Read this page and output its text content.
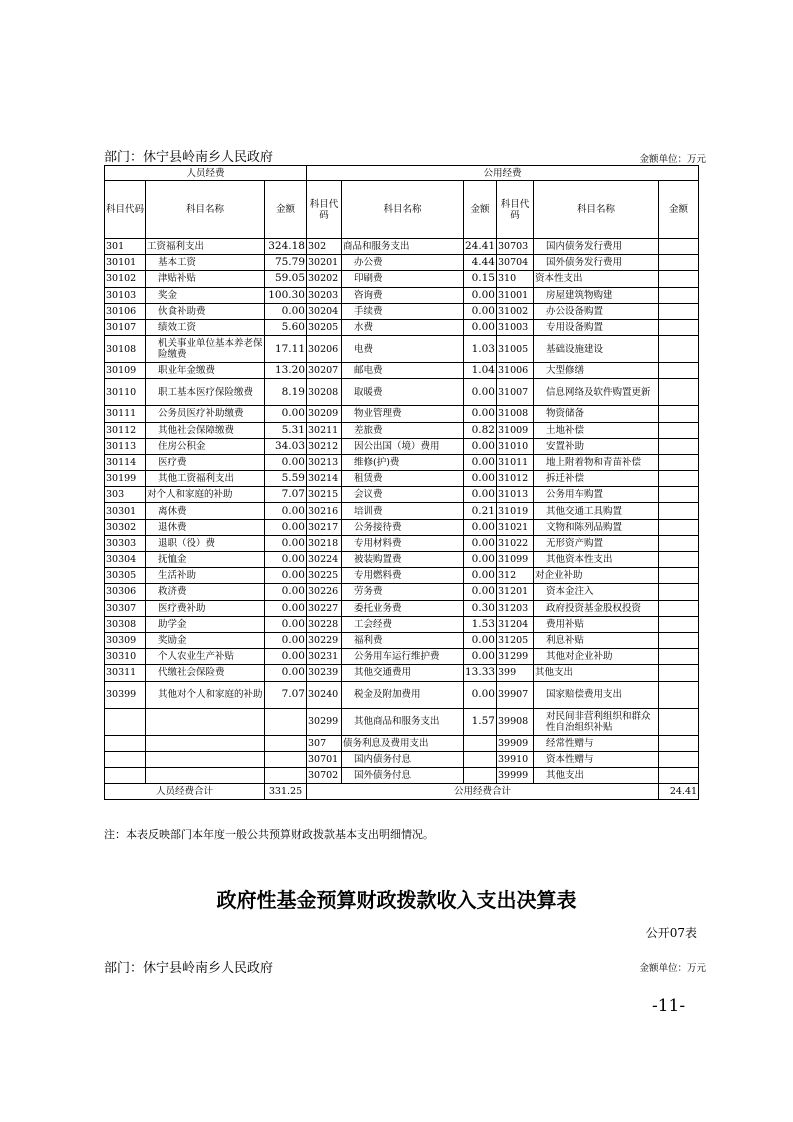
部门：休宁县岭南乡人民政府	金额单位：万元
人员经费			公用经费					
科目代码	科目名称	金额	科目代码	科目名称	金额	科目代码	科目名称	金额
301	工资福利支出	324.18	302	商品和服务支出	24.41	30703	国内债务发行费用	
30101	基本工资	75.79	30201	办公费	4.44	30704	国外债务发行费用	
30102	津贴补贴	59.05	30202	印刷费	0.15	310	资本性支出	
30103	奖金	100.30	30203	咨询费	0.00	31001	房屋建筑物购建	
30106	伙食补助费	0.00	30204	手续费	0.00	31002	办公设备购置	
30107	绩效工资	5.60	30205	水费	0.00	31003	专用设备购置	
30108	机关事业单位基本养老保险缴费	17.11	30206	电费	1.03	31005	基础设施建设	
30109	职业年金缴费	13.20	30207	邮电费	1.04	31006	大型修缮	
30110	职工基本医疗保险缴费	8.19	30208	取暖费	0.00	31007	信息网络及软件购置更新	
30111	公务员医疗补助缴费	0.00	30209	物业管理费	0.00	31008	物资储备	
30112	其他社会保障缴费	5.31	30211	差旅费	0.82	31009	土地补偿	
30113	住房公积金	34.03	30212	因公出国（境）费用	0.00	31010	安置补助	
30114	医疗费	0.00	30213	维修(护)费	0.00	31011	地上附着物和青苗补偿	
30199	其他工资福利支出	5.59	30214	租赁费	0.00	31012	拆迁补偿	
303	对个人和家庭的补助	7.07	30215	会议费	0.00	31013	公务用车购置	
30301	离休费	0.00	30216	培训费	0.21	31019	其他交通工具购置	
30302	退休费	0.00	30217	公务接待费	0.00	31021	文物和陈列品购置	
30303	退职（役）费	0.00	30218	专用材料费	0.00	31022	无形资产购置	
30304	抚恤金	0.00	30224	被装购置费	0.00	31099	其他资本性支出	
30305	生活补助	0.00	30225	专用燃料费	0.00	312	对企业补助	
30306	救济费	0.00	30226	劳务费	0.00	31201	资本金注入	
30307	医疗费补助	0.00	30227	委托业务费	0.30	31203	政府投资基金股权投资	
30308	助学金	0.00	30228	工会经费	1.53	31204	费用补贴	
30309	奖励金	0.00	30229	福利费	0.00	31205	利息补贴	
30310	个人农业生产补贴	0.00	30231	公务用车运行维护费	0.00	31299	其他对企业补助	
30311	代缴社会保险费	0.00	30239	其他交通费用	13.33	399	其他支出	
30399	其他对个人和家庭的补助	7.07	30240	税金及附加费用	0.00	39907	国家赔偿费用支出	
			30299	其他商品和服务支出	1.57	39908	对民间非营利组织和群众性自治组织补贴	
			307	债务利息及费用支出		39909	经常性赠与	
			30701	国内债务付息		39910	资本性赠与	
			30702	国外债务付息		39999	其他支出	
人员经费合计		331.25	公用经费合计					24.41
注：本表反映部门本年度一般公共预算财政拨款基本支出明细情况。
政府性基金预算财政拨款收入支出决算表
公开07表
部门：休宁县岭南乡人民政府	金额单位：万元
-11-
